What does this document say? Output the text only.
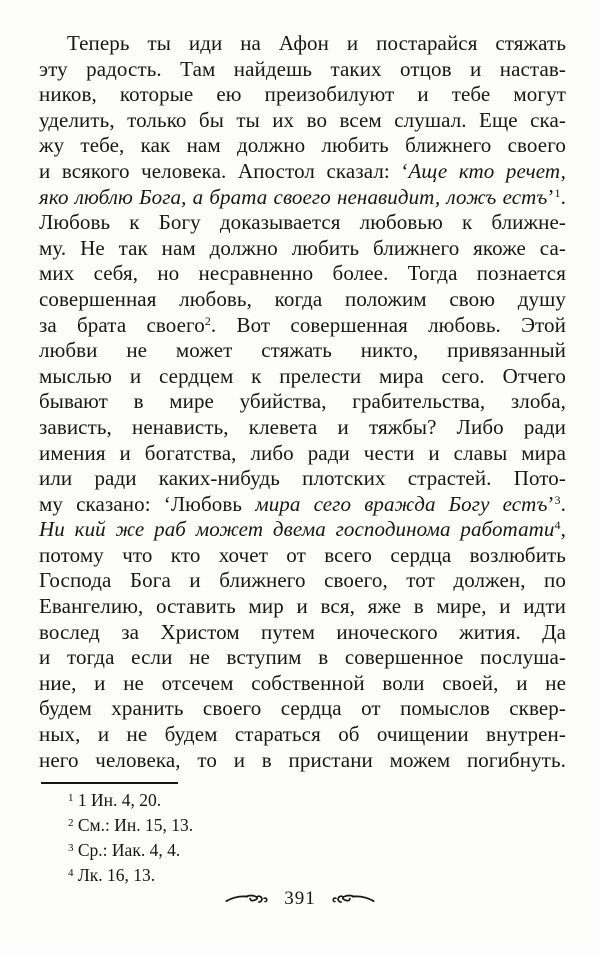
Теперь ты иди на Афон и постарайся стяжать
эту радость. Там найдешь таких отцов и настав-
ников, которые ею преизобилуют и тебе могут
уделить, только бы ты их во всем слушал. Еще ска-
жу тебе, как нам должно любить ближнего своего
и всякого человека. Апостол сказал: ‘Аще кто речет,
яко люблю Бога, а брата своего ненавидит, ложъ естъ’$^1$.
Любовь к Богу доказывается любовью к ближне-
му. Не так нам должно любить ближнего якоже са-
мих себя, но несравненно более. Тогда познается
совершенная любовь, когда положим свою душу
за брата своего$^2$. Вот совершенная любовь. Этой
любви не может стяжать никто, привязанный
мыслью и сердцем к прелести мира сего. Отчего
бывают в мире убийства, грабительства, злоба,
зависть, ненависть, клевета и тяжбы? Либо ради
имения и богатства, либо ради чести и славы мира
или ради каких-нибудь плотских страстей. Пото-
му сказано: ‘Любовь мира сего вражда Богу естъ’$^3$.
Ни кий же раб может двема господинома работати$^4$,
потому что кто хочет от всего сердца возлюбить
Господа Бога и ближнего своего, тот должен, по
Евангелию, оставить мир и вся, яже в мире, и идти
вослед за Христом путем иноческого жития. Да
и тогда если не вступим в совершенное послуша-
ние, и не отсечем собственной воли своей, и не
будем хранить своего сердца от помыслов сквер-
ных, и не будем стараться об очищении внутрен-
него человека, то и в пристани можем погибнуть.
$^1$ 1 Ин. 4, 20.
$^2$ См.: Ин. 15, 13.
$^3$ Ср.: Иак. 4, 4.
$^4$ Лк. 16, 13.
391
